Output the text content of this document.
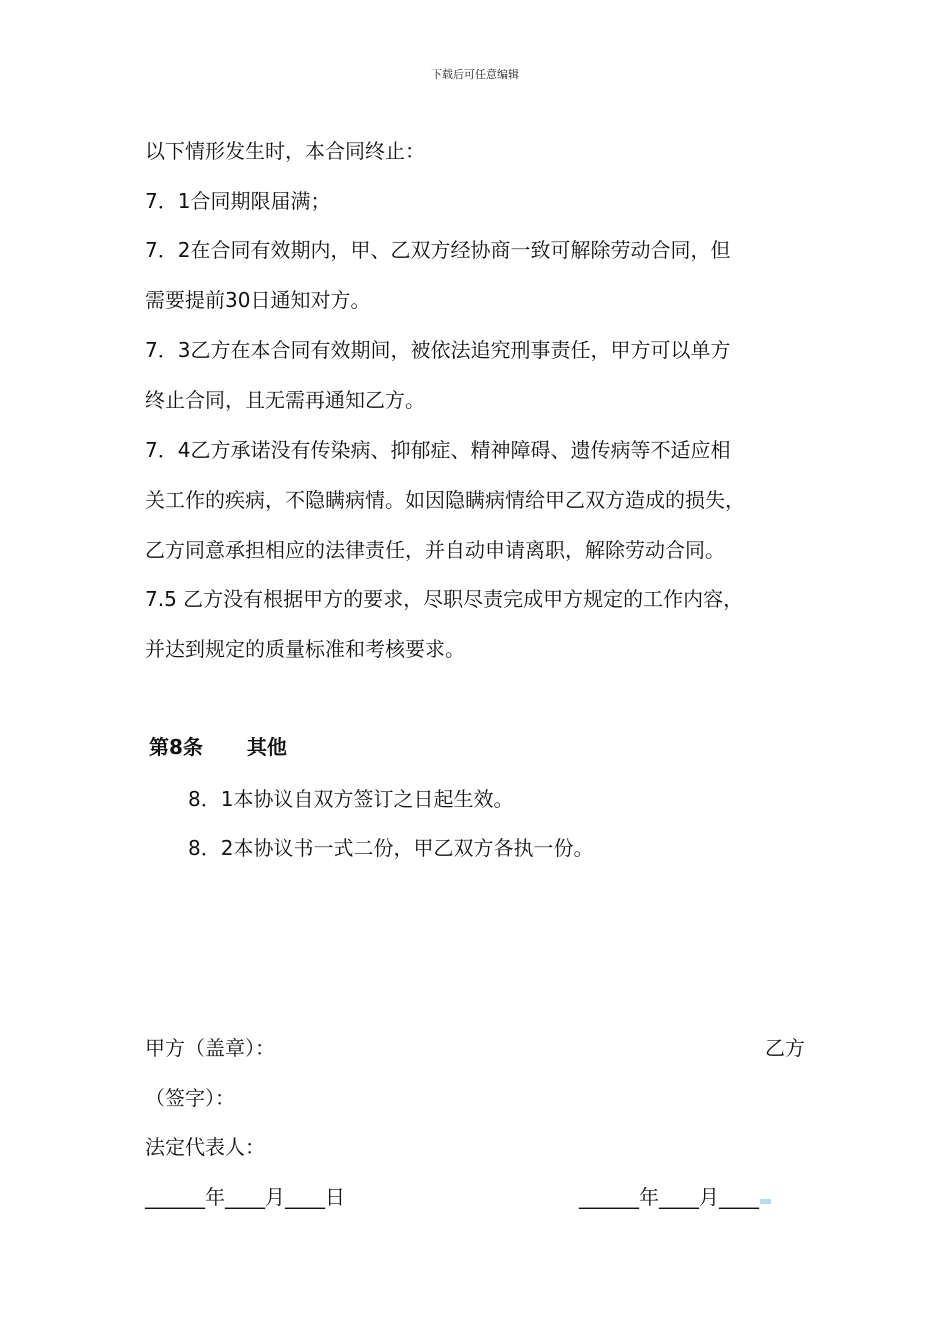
下载后可任意编辑
以下情形发生时，本合同终止：
7．1合同期限届满；
7．2在合同有效期内，甲、乙双方经协商一致可解除劳动合同，但
需要提前30日通知对方。
7．3乙方在本合同有效期间，被依法追究刑事责任，甲方可以单方
终止合同，且无需再通知乙方。
7．4乙方承诺没有传染病、抑郁症、精神障碍、遗传病等不适应相
关工作的疾病，不隐瞒病情。如因隐瞒病情给甲乙双方造成的损失，
乙方同意承担相应的法律责任，并自动申请离职，解除劳动合同。
7.5 乙方没有根据甲方的要求，尽职尽责完成甲方规定的工作内容，
并达到规定的质量标准和考核要求。
第8条 其他
8．1本协议自双方签订之日起生效。
8．2本协议书一式二份，甲乙双方各执一份。
甲方（盖章）：	乙方
（签字）：
法定代表人：
______年____月____日	______年____月____
